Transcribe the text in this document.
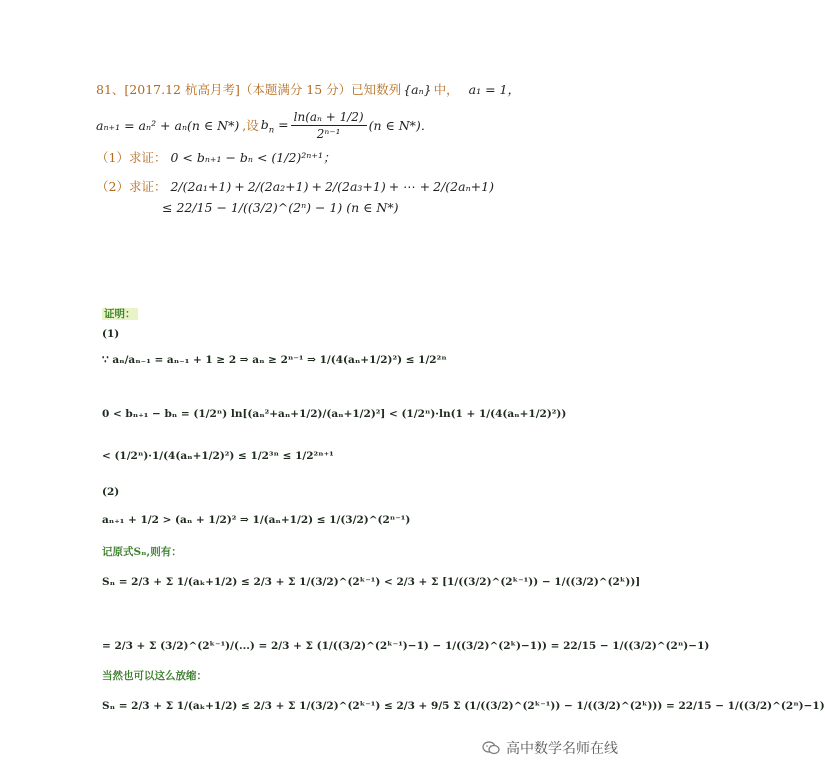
81、[2017.12 杭高月考]（本题满分 15 分）已知数列 {aₙ} 中， a₁ = 1，
aₙ₊₁ = aₙ² + aₙ(n ∈ N*) ,设 $b_n = \frac{\text{ln(aₙ + 1/2)}}{\text{2ⁿ⁻¹}} (n$ ∈ N*)．
（1）求证： 0 < bₙ₊₁ − bₙ < (1/2)²ⁿ⁺¹；
（2）求证： 2/(2a₁+1) + 2/(2a₂+1) + 2/(2a₃+1) + ⋯ + 2/(2aₙ+1)
≤ 22/15 − 1/((3/2)^(2ⁿ) − 1) (n ∈ N*)
证明：
(1)
∵ aₙ/aₙ₋₁ = aₙ₋₁ + 1 ≥ 2 ⇒ aₙ ≥ 2ⁿ⁻¹ ⇒ 1/(4(aₙ+1/2)²) ≤ 1/2²ⁿ
0 < bₙ₊₁ − bₙ = (1/2ⁿ) ln[(aₙ²+aₙ+1/2)/(aₙ+1/2)²] < (1/2ⁿ)·ln(1 + 1/(4(aₙ+1/2)²))
< (1/2ⁿ)·1/(4(aₙ+1/2)²) ≤ 1/2³ⁿ ≤ 1/2²ⁿ⁺¹
(2)
aₙ₊₁ + 1/2 > (aₙ + 1/2)² ⇒ 1/(aₙ+1/2) ≤ 1/(3/2)^(2ⁿ⁻¹)
记原式Sₙ,则有：
Sₙ = 2/3 + Σ 1/(aₖ+1/2) ≤ 2/3 + Σ 1/(3/2)^(2ᵏ⁻¹) < 2/3 + Σ [1/((3/2)^(2ᵏ⁻¹)) − 1/((3/2)^(2ᵏ))]
= 2/3 + Σ (3/2)^(2ᵏ⁻¹)/(...) = 2/3 + Σ (1/((3/2)^(2ᵏ⁻¹)−1) − 1/((3/2)^(2ᵏ)−1)) = 22/15 − 1/((3/2)^(2ⁿ)−1)
当然也可以这么放缩：
Sₙ = 2/3 + Σ 1/(aₖ+1/2) ≤ 2/3 + Σ 1/(3/2)^(2ᵏ⁻¹) ≤ 2/3 + 9/5 Σ (1/((3/2)^(2ᵏ⁻¹)) − 1/((3/2)^(2ᵏ))) = 22/15 − 1/((3/2)^(2ⁿ)−1)
高中数学名师在线
